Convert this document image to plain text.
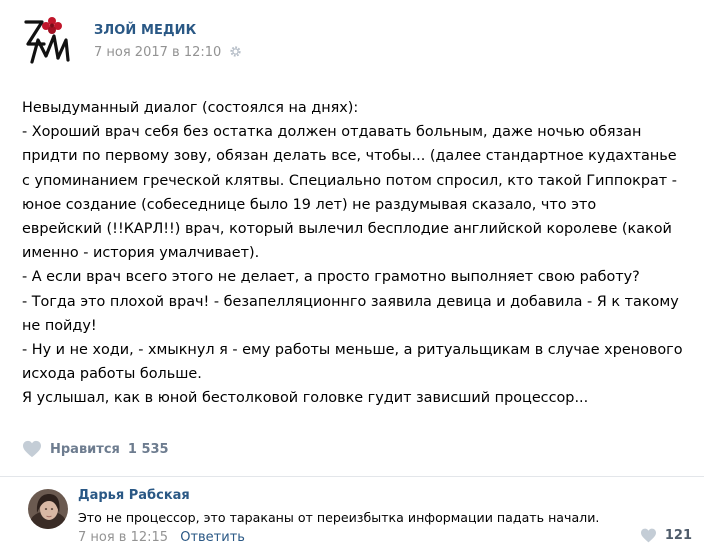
ЗЛОЙ МЕДИК
7 ноя 2017 в 12:10
Невыдуманный диалог (состоялся на днях):
- Хороший врач себя без остатка должен отдавать больным, даже ночью обязан
придти по первому зову, обязан делать все, чтобы... (далее стандартное кудахтанье
с упоминанием греческой клятвы. Специально потом спросил, кто такой Гиппократ -
юное создание (собеседнице было 19 лет) не раздумывая сказало, что это
еврейский (!!КАРЛ!!) врач, который вылечил бесплодие английской королеве (какой
именно - история умалчивает).
- А если врач всего этого не делает, а просто грамотно выполняет свою работу?
- Тогда это плохой врач! - безапелляционнго заявила девица и добавила - Я к такому
не пойду!
- Ну и не ходи, - хмыкнул я - ему работы меньше, а ритуальщикам в случае хренового
исхода работы больше.
Я услышал, как в юной бестолковой головке гудит зависший процессор...
Нравится 1 535
Дарья Рабская
Это не процессор, это тараканы от переизбытка информации падать начали.
7 ноя в 12:15 Ответить	121
